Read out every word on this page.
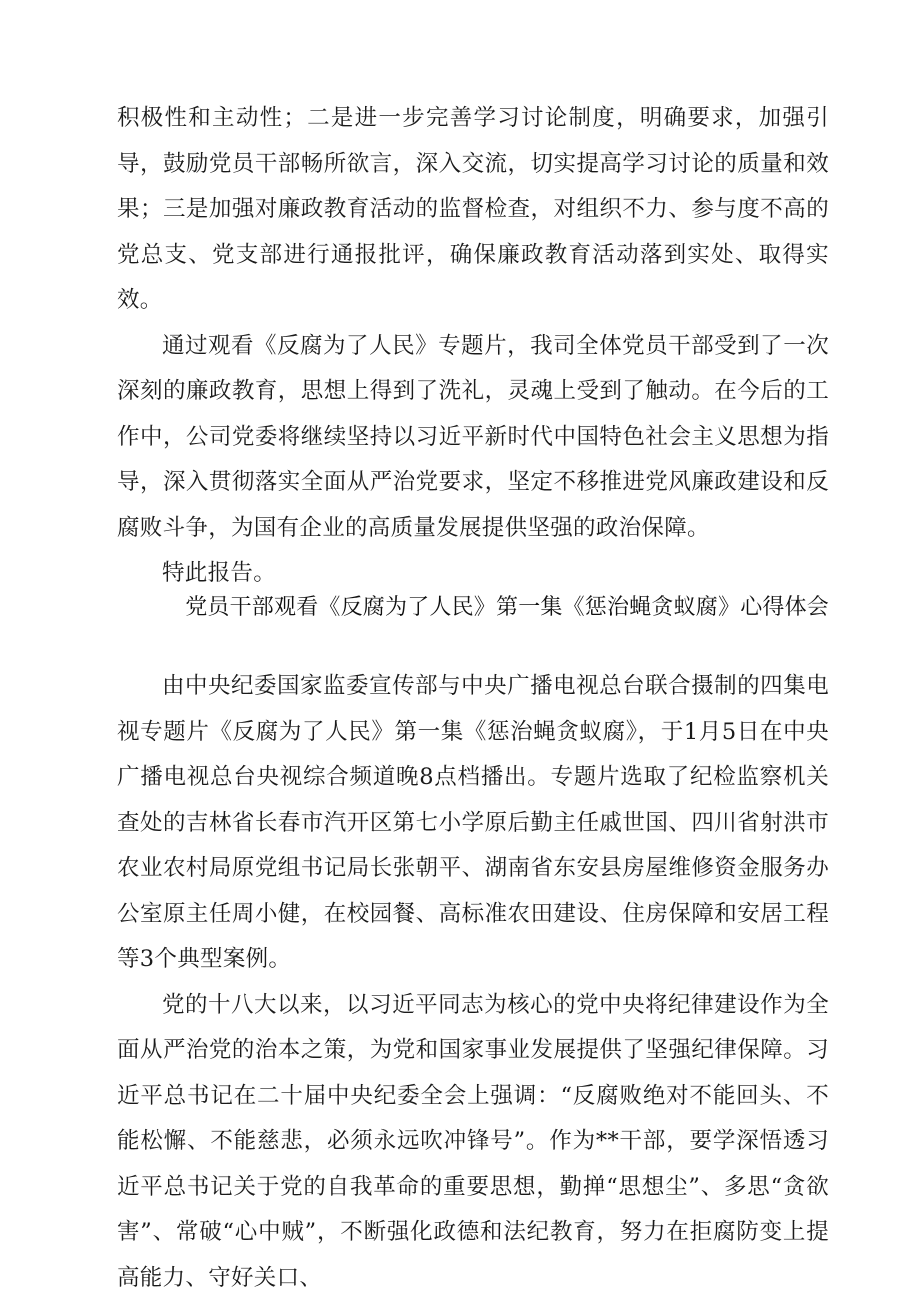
积极性和主动性；二是进一步完善学习讨论制度，明确要求，加强引导，鼓励党员干部畅所欲言，深入交流，切实提高学习讨论的质量和效果；三是加强对廉政教育活动的监督检查，对组织不力、参与度不高的党总支、党支部进行通报批评，确保廉政教育活动落到实处、取得实效。

通过观看《反腐为了人民》专题片，我司全体党员干部受到了一次深刻的廉政教育，思想上得到了洗礼，灵魂上受到了触动。在今后的工作中，公司党委将继续坚持以习近平新时代中国特色社会主义思想为指导，深入贯彻落实全面从严治党要求，坚定不移推进党风廉政建设和反腐败斗争，为国有企业的高质量发展提供坚强的政治保障。

特此报告。

党员干部观看《反腐为了人民》第一集《惩治蝇贪蚁腐》心得体会

由中央纪委国家监委宣传部与中央广播电视总台联合摄制的四集电视专题片《反腐为了人民》第一集《惩治蝇贪蚁腐》，于1月5日在中央广播电视总台央视综合频道晚8点档播出。专题片选取了纪检监察机关查处的吉林省长春市汽开区第七小学原后勤主任戚世国、四川省射洪市农业农村局原党组书记局长张朝平、湖南省东安县房屋维修资金服务办公室原主任周小健，在校园餐、高标准农田建设、住房保障和安居工程等3个典型案例。

党的十八大以来，以习近平同志为核心的党中央将纪律建设作为全面从严治党的治本之策，为党和国家事业发展提供了坚强纪律保障。习近平总书记在二十届中央纪委全会上强调：“反腐败绝对不能回头、不能松懈、不能慈悲，必须永远吹冲锋号”。作为**干部，要学深悟透习近平总书记关于党的自我革命的重要思想，勤掸“思想尘”、多思“贪欲害”、常破“心中贼”，不断强化政德和法纪教育，努力在拒腐防变上提高能力、守好关口、
